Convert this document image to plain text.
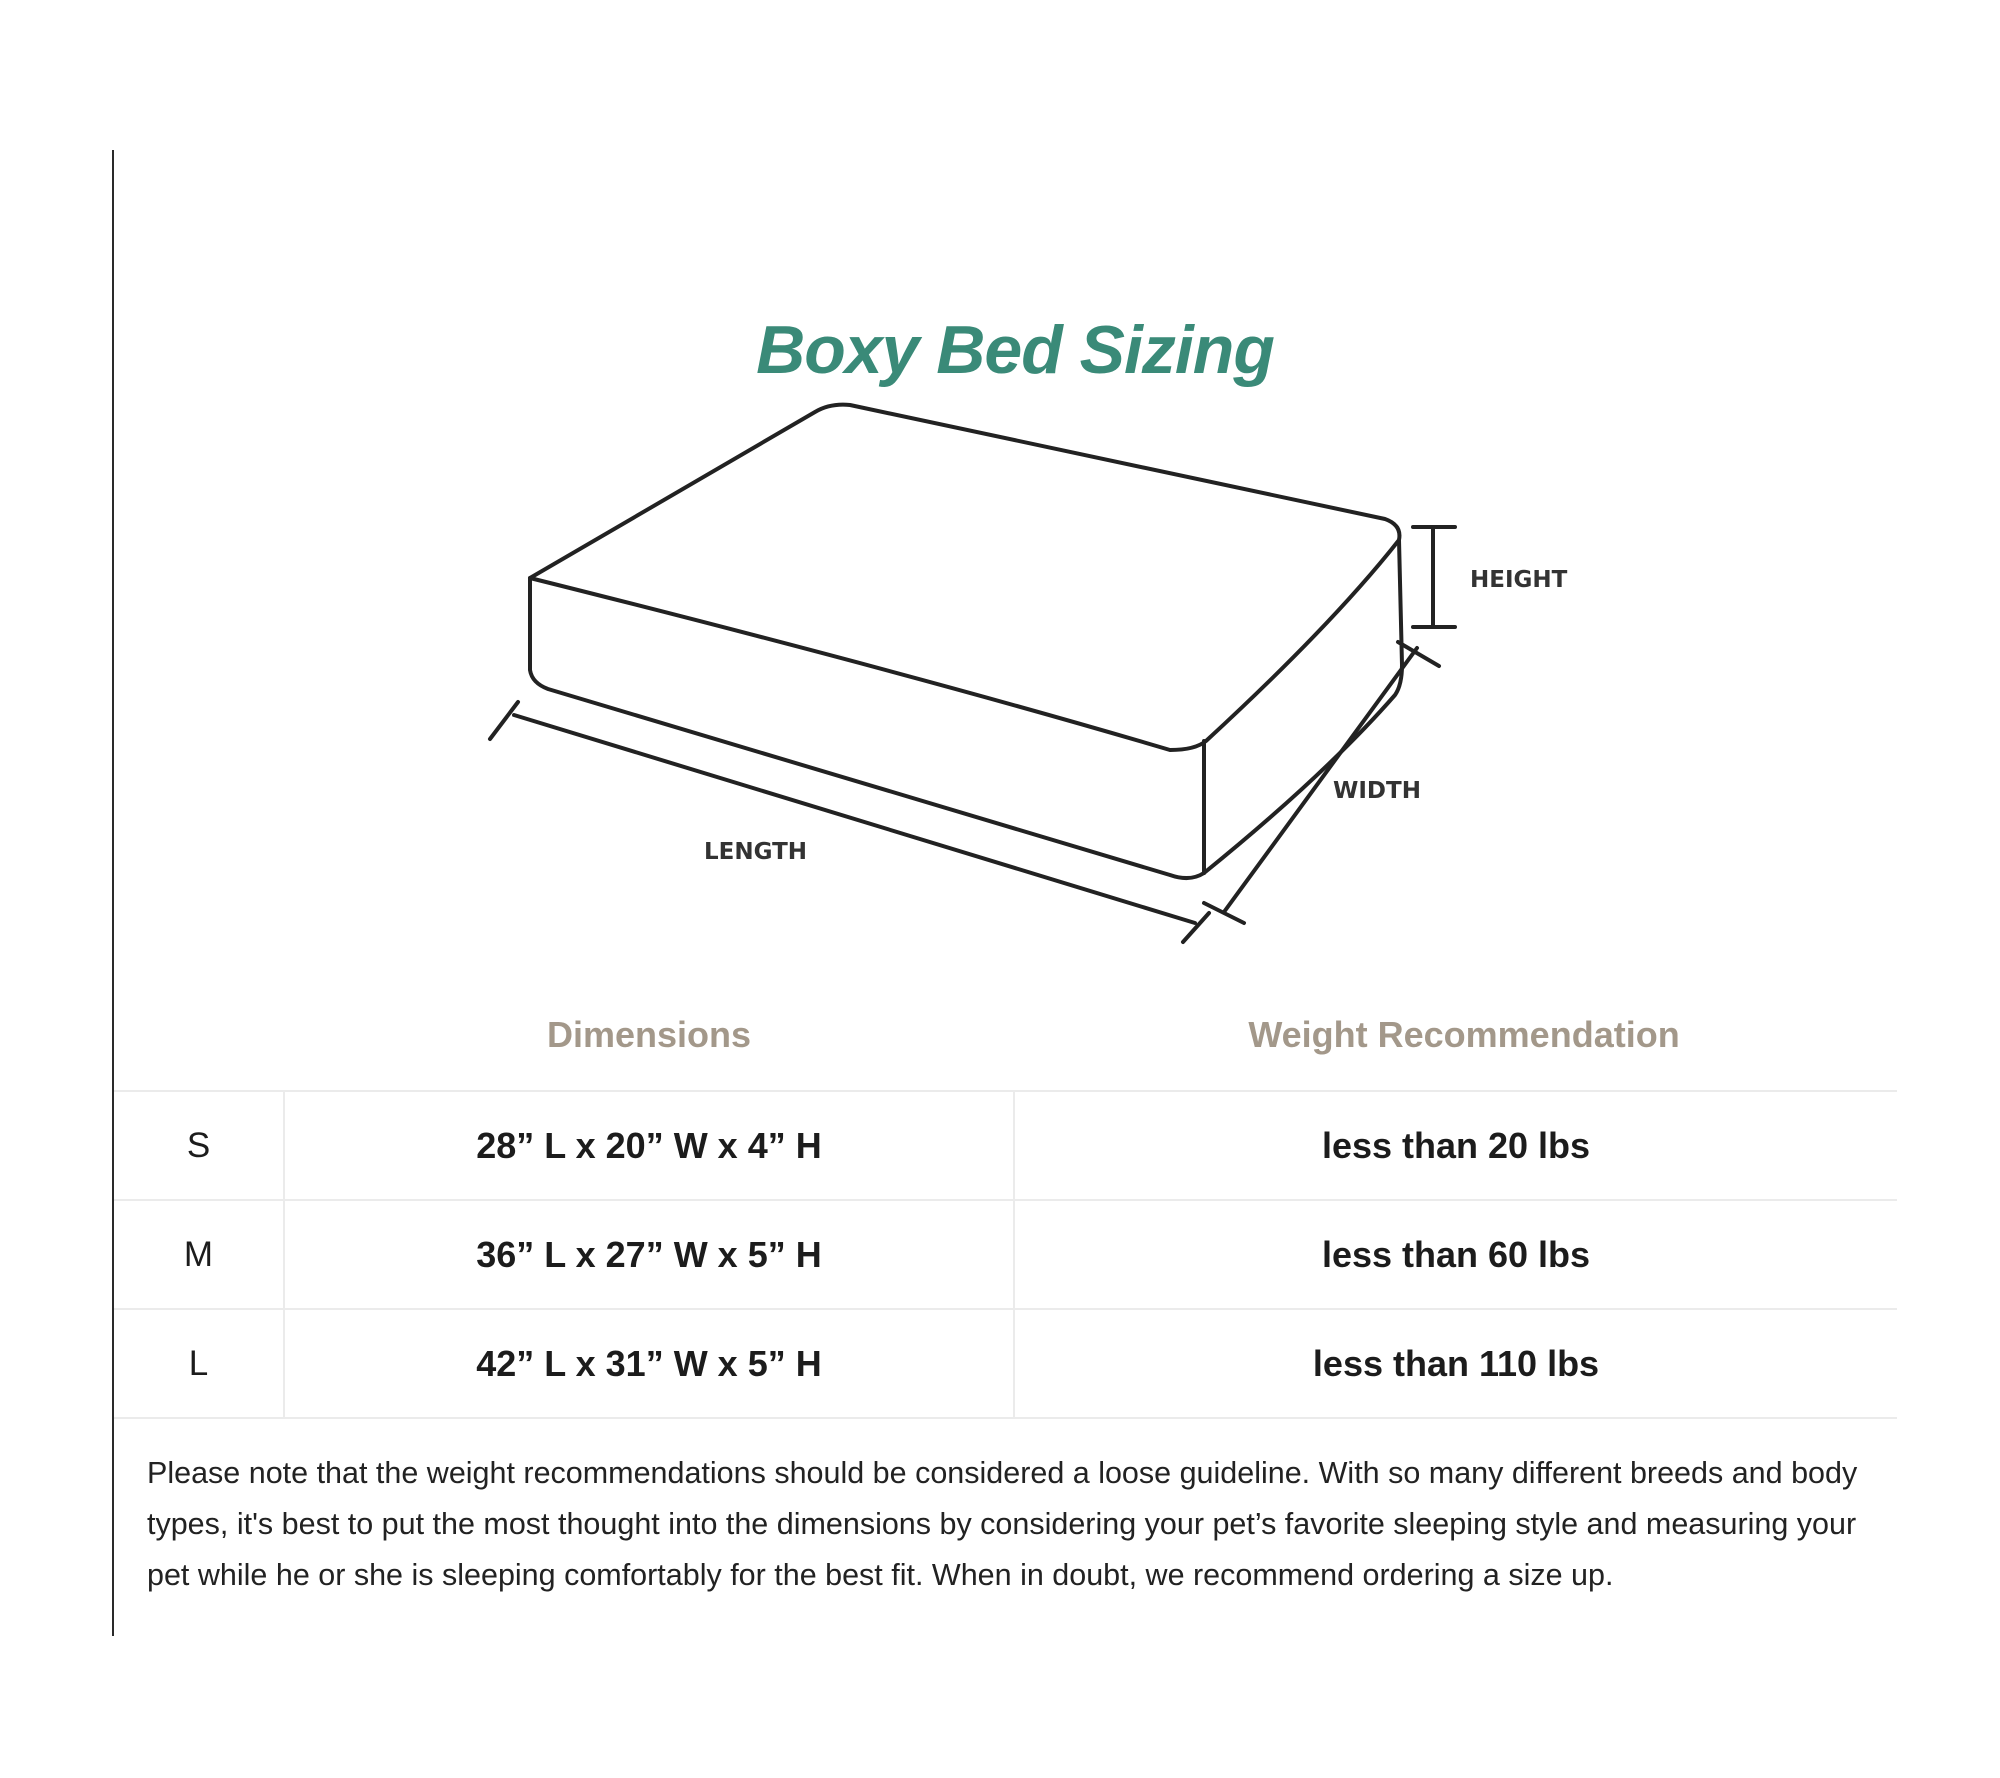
Boxy Bed Sizing
HEIGHT
WIDTH
LENGTH
Dimensions	Weight Recommendation
S	28” L x 20” W x 4” H	less than 20 lbs
M	36” L x 27” W x 5” H	less than 60 lbs
L	42” L x 31” W x 5” H	less than 110 lbs

Please note that the weight recommendations should be considered a loose guideline. With so many different breeds and body types, it's best to put the most thought into the dimensions by considering your pet’s favorite sleeping style and measuring your pet while he or she is sleeping comfortably for the best fit. When in doubt, we recommend ordering a size up.
